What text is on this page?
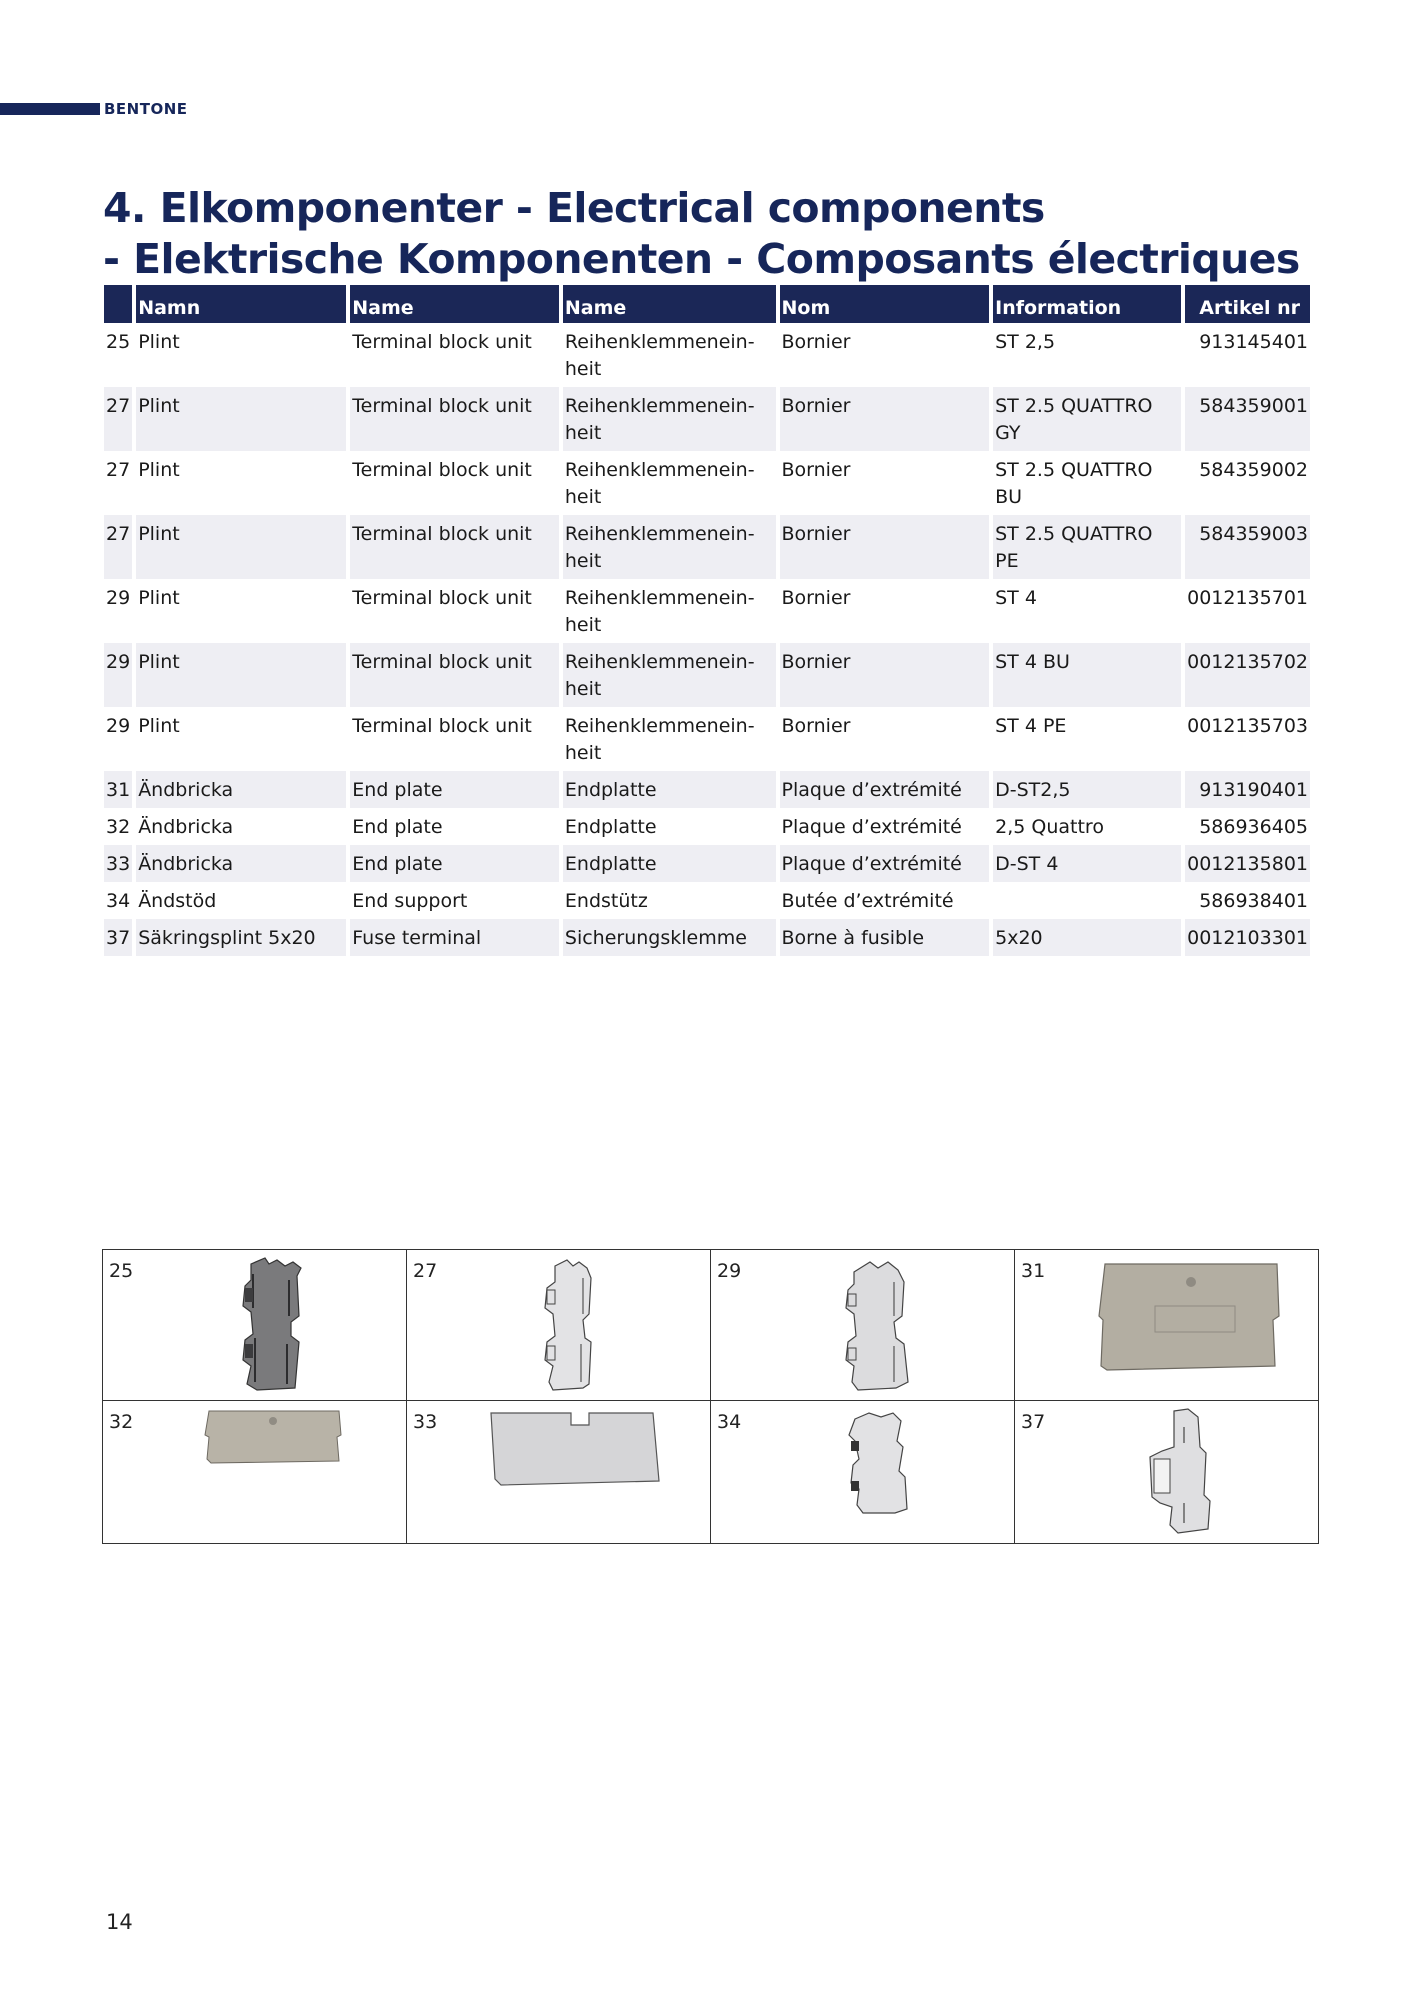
BENTONE
4. Elkomponenter - Electrical components
- Elektrische Komponenten - Composants électriques
	Namn	Name	Name	Nom	Information	Artikel nr
25	Plint	Terminal block unit	Reihenklemmenein-heit	Bornier	ST 2,5	913145401
27	Plint	Terminal block unit	Reihenklemmenein-heit	Bornier	ST 2.5 QUATTRO GY	584359001
27	Plint	Terminal block unit	Reihenklemmenein-heit	Bornier	ST 2.5 QUATTRO BU	584359002
27	Plint	Terminal block unit	Reihenklemmenein-heit	Bornier	ST 2.5 QUATTRO PE	584359003
29	Plint	Terminal block unit	Reihenklemmenein-heit	Bornier	ST 4	0012135701
29	Plint	Terminal block unit	Reihenklemmenein-heit	Bornier	ST 4 BU	0012135702
29	Plint	Terminal block unit	Reihenklemmenein-heit	Bornier	ST 4 PE	0012135703
31	Ändbricka	End plate	Endplatte	Plaque d’extrémité	D-ST2,5	913190401
32	Ändbricka	End plate	Endplatte	Plaque d’extrémité	2,5 Quattro	586936405
33	Ändbricka	End plate	Endplatte	Plaque d’extrémité	D-ST 4	0012135801
34	Ändstöd	End support	Endstütz	Butée d’extrémité		586938401
37	Säkringsplint 5x20	Fuse terminal	Sicherungsklemme	Borne à fusible	5x20	0012103301
25	27	29	31

32	33	34	37
14
